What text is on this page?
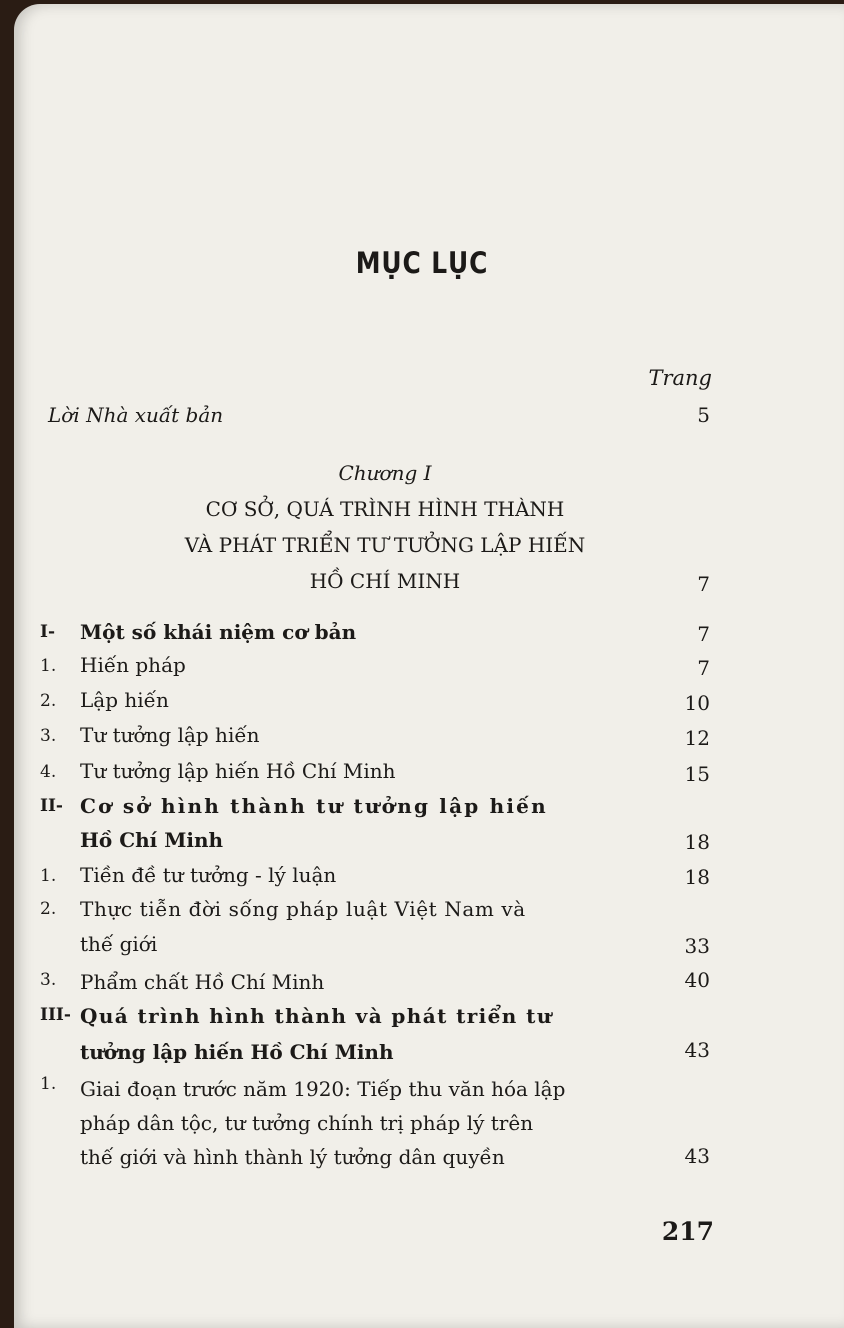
MỤC LỤC
Trang
Lời Nhà xuất bản	5
Chương I
CƠ SỞ, QUÁ TRÌNH HÌNH THÀNH
VÀ PHÁT TRIỂN TƯ TƯỞNG LẬP HIẾN
HỒ CHÍ MINH	7
I- Một số khái niệm cơ bản	7
1. Hiến pháp	7
2. Lập hiến	10
3. Tư tưởng lập hiến	12
4. Tư tưởng lập hiến Hồ Chí Minh	15
II- Cơ sở hình thành tư tưởng lập hiến
Hồ Chí Minh	18
1. Tiền đề tư tưởng - lý luận	18
2. Thực tiễn đời sống pháp luật Việt Nam và
thế giới	33
3. Phẩm chất Hồ Chí Minh	40
III- Quá trình hình thành và phát triển tư
tưởng lập hiến Hồ Chí Minh	43
1. Giai đoạn trước năm 1920: Tiếp thu văn hóa lập
pháp dân tộc, tư tưởng chính trị pháp lý trên
thế giới và hình thành lý tưởng dân quyền	43
217
